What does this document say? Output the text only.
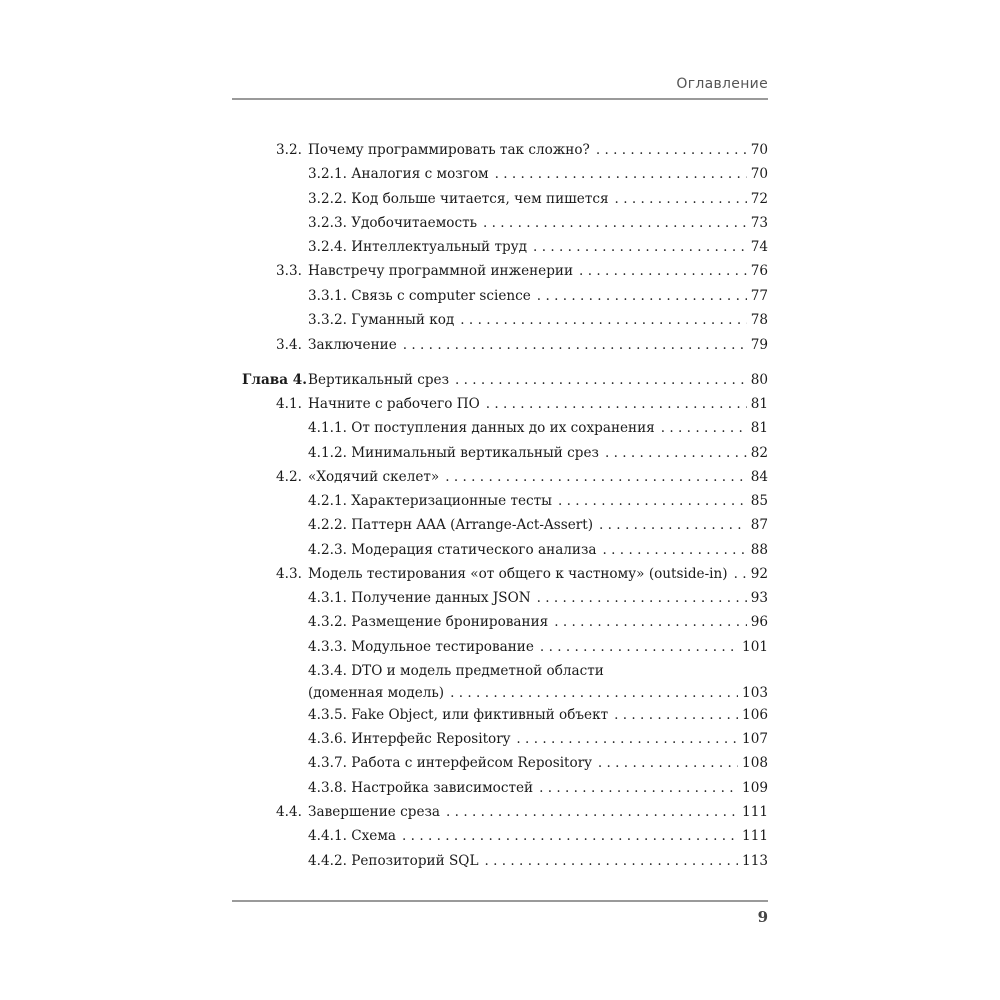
Оглавление
3.2. Почему программировать так сложно? . . .	70
3.2.1. Аналогия с мозгом . . .	70
3.2.2. Код больше читается, чем пишется . . .	72
3.2.3. Удобочитаемость . . .	73
3.2.4. Интеллектуальный труд . . .	74
3.3. Навстречу программной инженерии . . .	76
3.3.1. Связь с computer science . . .	77
3.3.2. Гуманный код . . .	78
3.4. Заключение . . .	79
Глава 4. Вертикальный срез . . .	80
4.1. Начните с рабочего ПО . . .	81
4.1.1. От поступления данных до их сохранения . . .	81
4.1.2. Минимальный вертикальный срез . . .	82
4.2. «Ходячий скелет» . . .	84
4.2.1. Характеризационные тесты . . .	85
4.2.2. Паттерн AAA (Arrange-Act-Assert) . . .	87
4.2.3. Модерация статического анализа . . .	88
4.3. Модель тестирования «от общего к частному» (outside-in) . . . 92
4.3.1. Получение данных JSON . . .	93
4.3.2. Размещение бронирования . . .	96
4.3.3. Модульное тестирование . . .	101
4.3.4. DTO и модель предметной области
(доменная модель) . . .	103
4.3.5. Fake Object, или фиктивный объект . . .	106
4.3.6. Интерфейс Repository . . .	107
4.3.7. Работа с интерфейсом Repository . . .	108
4.3.8. Настройка зависимостей . . .	109
4.4. Завершение среза . . .	111
4.4.1. Схема . . .	111
4.4.2. Репозиторий SQL . . .	113
9
